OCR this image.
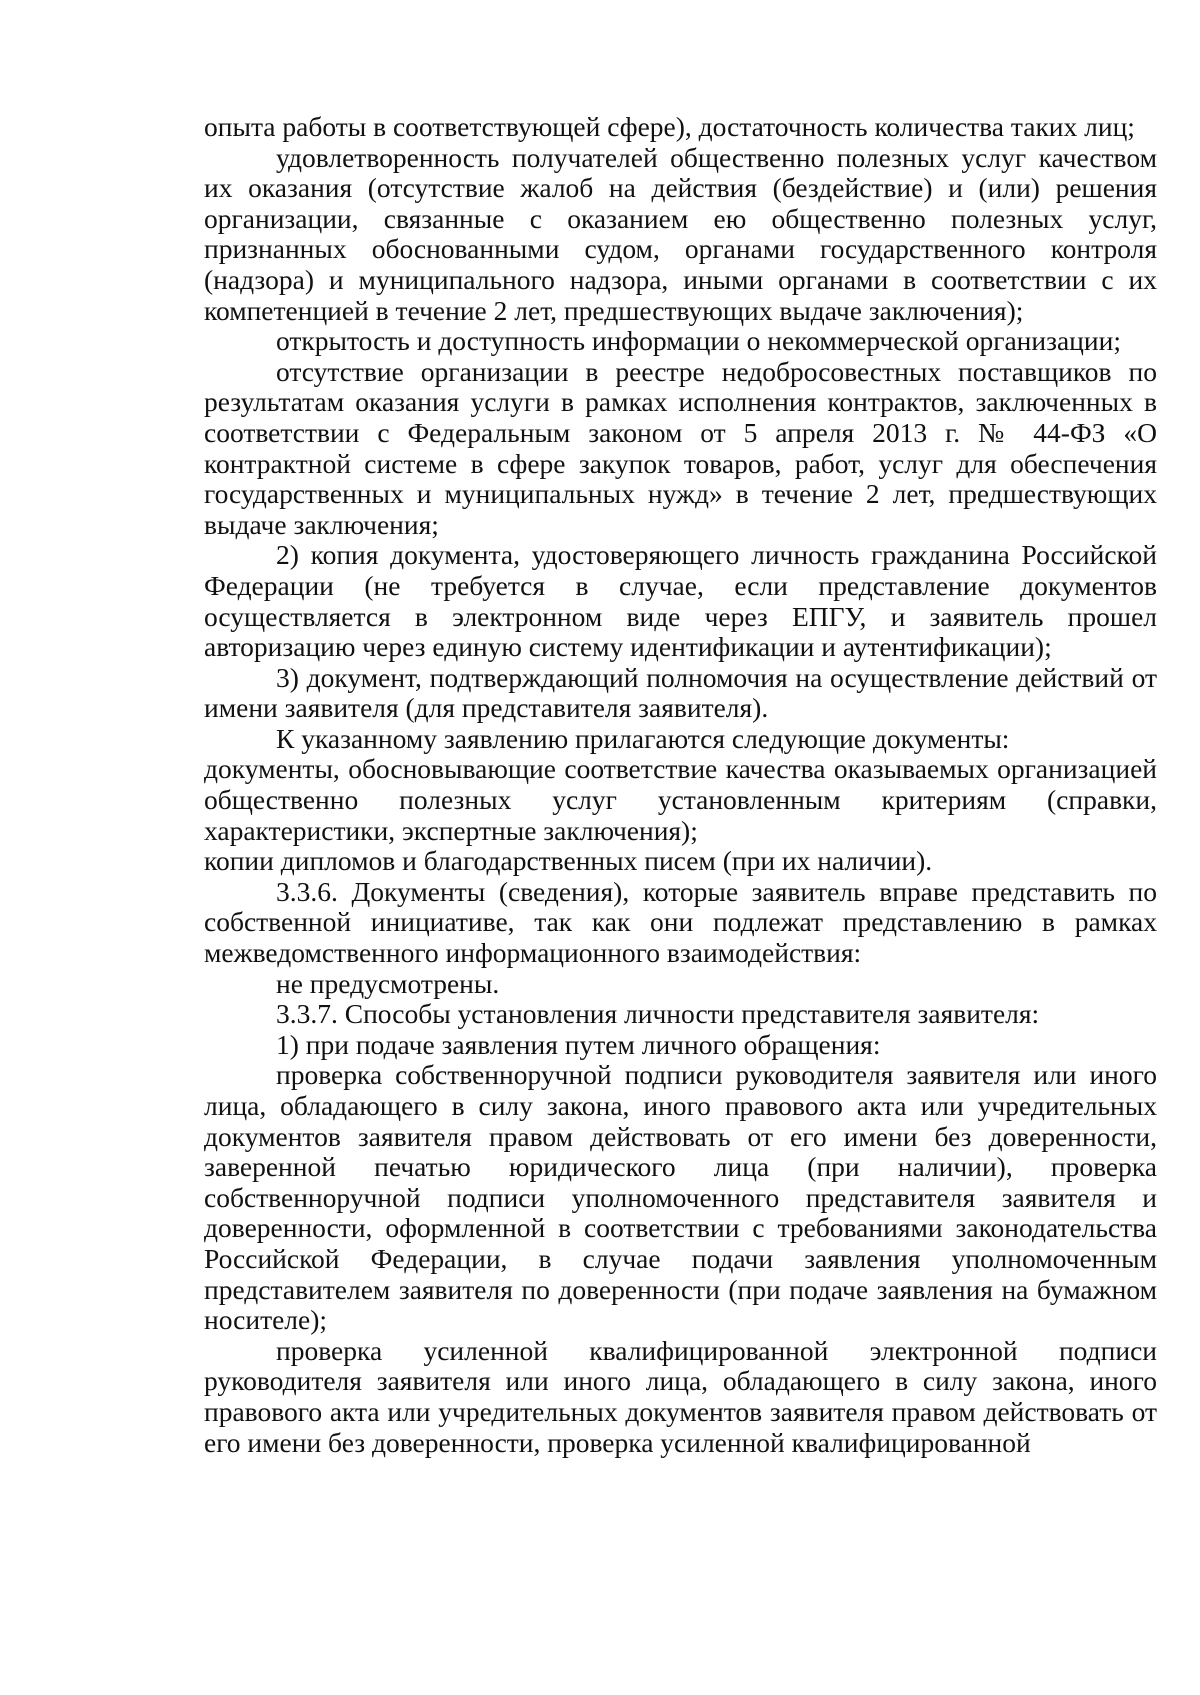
опыта работы в соответствующей сфере), достаточность количества таких лиц;

удовлетворенность получателей общественно полезных услуг качеством их оказания (отсутствие жалоб на действия (бездействие) и (или) решения организации, связанные с оказанием ею общественно полезных услуг, признанных обоснованными судом, органами государственного контроля (надзора) и муниципального надзора, иными органами в соответствии с их компетенцией в течение 2 лет, предшествующих выдаче заключения);

открытость и доступность информации о некоммерческой организации;

отсутствие организации в реестре недобросовестных поставщиков по результатам оказания услуги в рамках исполнения контрактов, заключенных в соответствии с Федеральным законом от 5 апреля 2013 г. № 44-ФЗ «О контрактной системе в сфере закупок товаров, работ, услуг для обеспечения государственных и муниципальных нужд» в течение 2 лет, предшествующих выдаче заключения;

2) копия документа, удостоверяющего личность гражданина Российской Федерации (не требуется в случае, если представление документов осуществляется в электронном виде через ЕПГУ, и заявитель прошел авторизацию через единую систему идентификации и аутентификации);

3) документ, подтверждающий полномочия на осуществление действий от имени заявителя (для представителя заявителя).

К указанному заявлению прилагаются следующие документы:

документы, обосновывающие соответствие качества оказываемых организацией общественно полезных услуг установленным критериям (справки, характеристики, экспертные заключения);

копии дипломов и благодарственных писем (при их наличии).

3.3.6. Документы (сведения), которые заявитель вправе представить по собственной инициативе, так как они подлежат представлению в рамках межведомственного информационного взаимодействия:

не предусмотрены.

3.3.7. Способы установления личности представителя заявителя:

1) при подаче заявления путем личного обращения:

проверка собственноручной подписи руководителя заявителя или иного лица, обладающего в силу закона, иного правового акта или учредительных документов заявителя правом действовать от его имени без доверенности, заверенной печатью юридического лица (при наличии), проверка собственноручной подписи уполномоченного представителя заявителя и доверенности, оформленной в соответствии с требованиями законодательства Российской Федерации, в случае подачи заявления уполномоченным представителем заявителя по доверенности (при подаче заявления на бумажном носителе);

проверка усиленной квалифицированной электронной подписи руководителя заявителя или иного лица, обладающего в силу закона, иного правового акта или учредительных документов заявителя правом действовать от его имени без доверенности, проверка усиленной квалифицированной
